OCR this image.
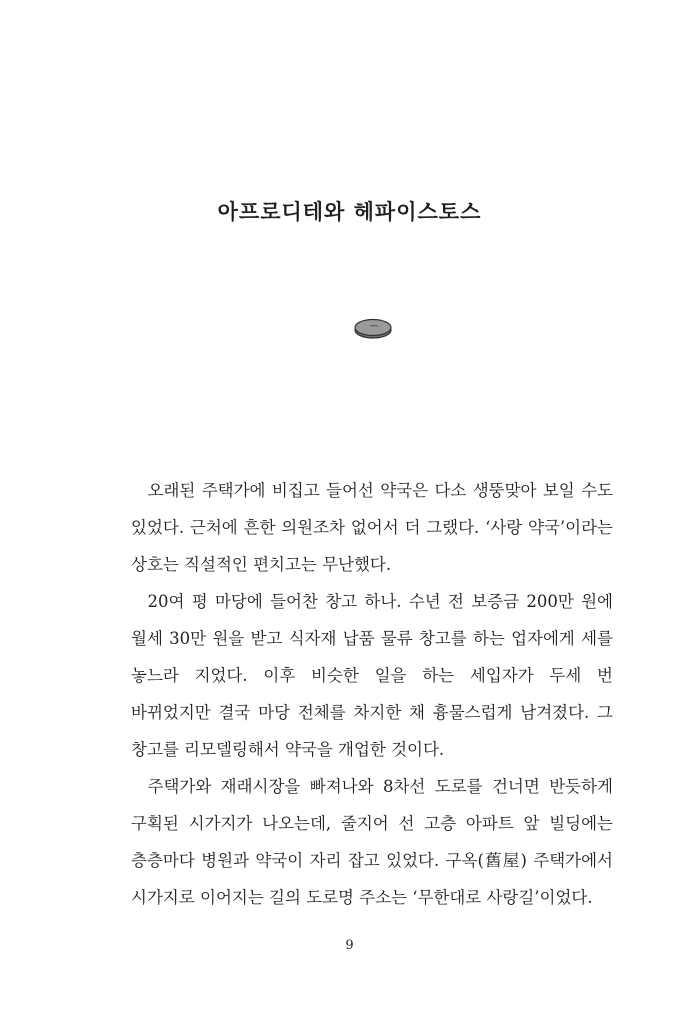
아프로디테와 헤파이스토스

오래된 주택가에 비집고 들어선 약국은 다소 생뚱맞아 보일 수도 있었다. 근처에 흔한 의원조차 없어서 더 그랬다. ‘사랑 약국’이라는 상호는 직설적인 편치고는 무난했다.

20여 평 마당에 들어찬 창고 하나. 수년 전 보증금 200만 원에 월세 30만 원을 받고 식자재 납품 물류 창고를 하는 업자에게 세를 놓느라 지었다. 이후 비슷한 일을 하는 세입자가 두세 번 바뀌었지만 결국 마당 전체를 차지한 채 흉물스럽게 남겨졌다. 그 창고를 리모델링해서 약국을 개업한 것이다.

주택가와 재래시장을 빠져나와 8차선 도로를 건너면 반듯하게 구획된 시가지가 나오는데, 줄지어 선 고층 아파트 앞 빌딩에는 층층마다 병원과 약국이 자리 잡고 있었다. 구옥(舊屋) 주택가에서 시가지로 이어지는 길의 도로명 주소는 ‘무한대로 사랑길’이었다.

9
